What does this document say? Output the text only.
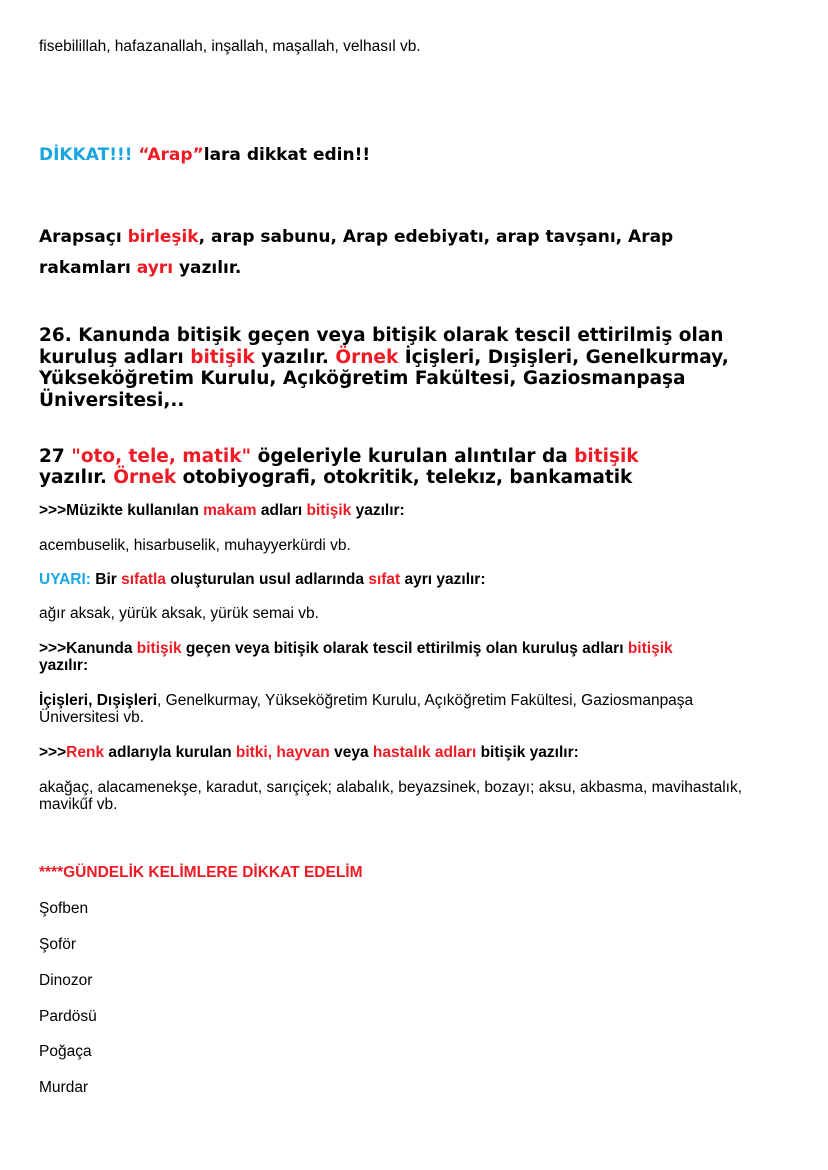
fisebilillah, hafazanallah, inşallah, maşallah, velhasıl vb.
DİKKAT!!! “Arap”lara dikkat edin!!
Arapsaçı birleşik, arap sabunu, Arap edebiyatı, arap tavşanı, Arap
rakamları ayrı yazılır.
26. Kanunda bitişik geçen veya bitişik olarak tescil ettirilmiş olan kuruluş adları bitişik yazılır. Örnek İçişleri, Dışişleri, Genelkurmay, Yükseköğretim Kurulu, Açıköğretim Fakültesi, Gaziosmanpaşa Üniversitesi,..
27 "oto, tele, matik" ögeleriyle kurulan alıntılar da bitişik
yazılır. Örnek otobiyografi, otokritik, telekız, bankamatik
>>>Müzikte kullanılan makam adları bitişik yazılır:
acembuselik, hisarbuselik, muhayyerkürdi vb.
UYARI: Bir sıfatla oluşturulan usul adlarında sıfat ayrı yazılır:
ağır aksak, yürük aksak, yürük semai vb.
>>>Kanunda bitişik geçen veya bitişik olarak tescil ettirilmiş olan kuruluş adları bitişik
yazılır:
İçişleri, Dışişleri, Genelkurmay, Yükseköğretim Kurulu, Açıköğretim Fakültesi, Gaziosmanpaşa
Üniversitesi vb.
>>>Renk adlarıyla kurulan bitki, hayvan veya hastalık adları bitişik yazılır:
akağaç, alacamenekşe, karadut, sarıçiçek; alabalık, beyazsinek, bozayı; aksu, akbasma, mavihastalık,
mavikűf vb.
****GÜNDELİK KELİMLERE DİKKAT EDELİM
Şofben
Şoför
Dinozor
Pardösü
Poğaça
Murdar
